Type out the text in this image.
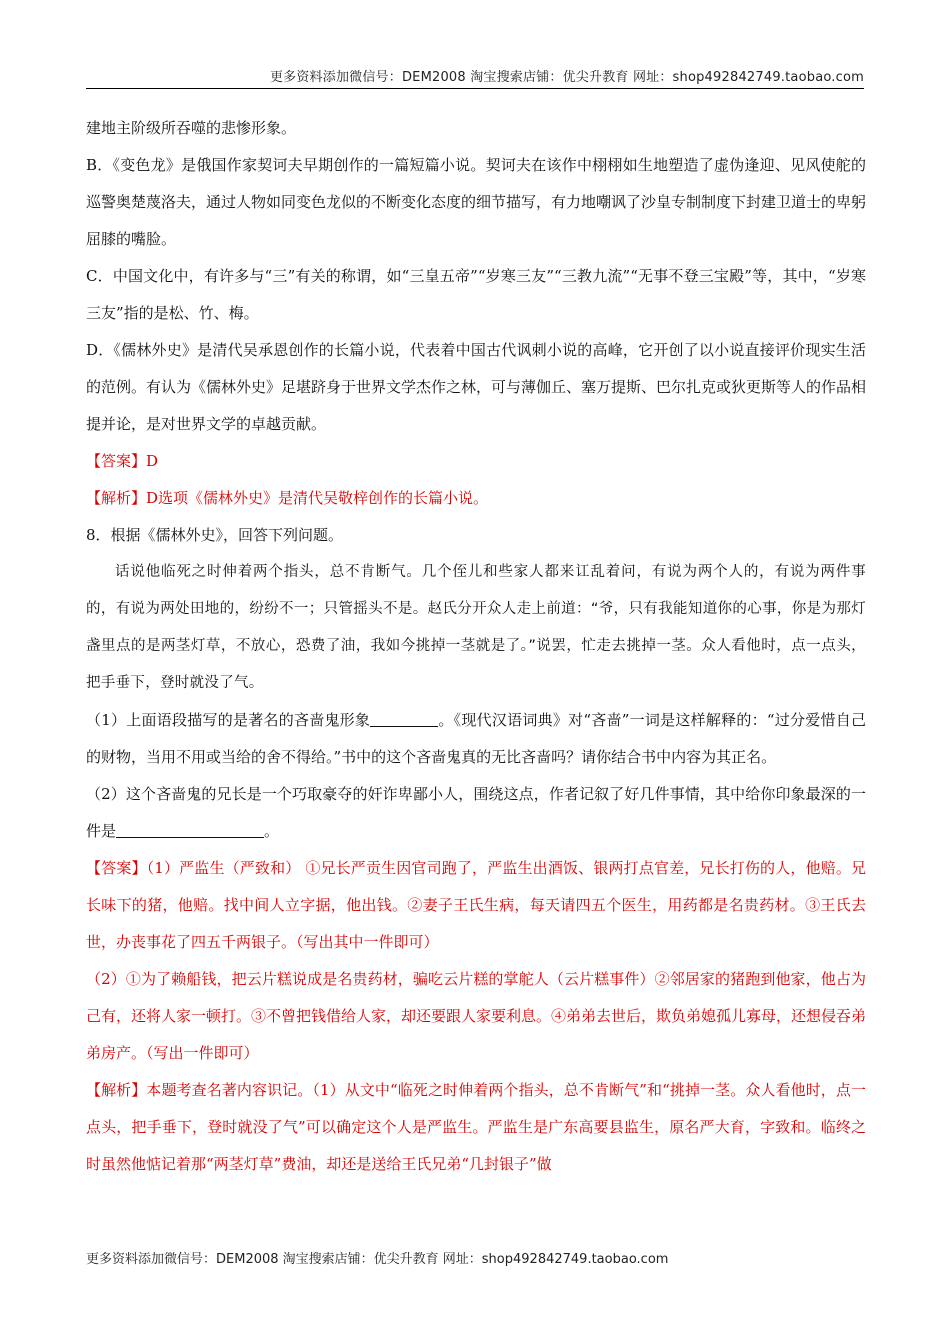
更多资料添加微信号：DEM2008 淘宝搜索店铺：优尖升教育 网址：shop492842749.taobao.com

建地主阶级所吞噬的悲惨形象。

B．《变色龙》是俄国作家契诃夫早期创作的一篇短篇小说。契诃夫在该作中栩栩如生地塑造了虚伪逢迎、见风使舵的巡警奥楚蔑洛夫，通过人物如同变色龙似的不断变化态度的细节描写，有力地嘲讽了沙皇专制制度下封建卫道士的卑躬屈膝的嘴脸。

C．中国文化中，有许多与“三”有关的称谓，如“三皇五帝”“岁寒三友”“三教九流”“无事不登三宝殿”等，其中，“岁寒三友”指的是松、竹、梅。

D．《儒林外史》是清代吴承恩创作的长篇小说，代表着中国古代讽刺小说的高峰，它开创了以小说直接评价现实生活的范例。有认为《儒林外史》足堪跻身于世界文学杰作之林，可与薄伽丘、塞万提斯、巴尔扎克或狄更斯等人的作品相提并论，是对世界文学的卓越贡献。

【答案】D

【解析】D选项《儒林外史》是清代吴敬梓创作的长篇小说。

8．根据《儒林外史》，回答下列问题。

话说他临死之时伸着两个指头，总不肯断气。几个侄儿和些家人都来讧乱着问，有说为两个人的，有说为两件事的，有说为两处田地的，纷纷不一；只管摇头不是。赵氏分开众人走上前道：“爷，只有我能知道你的心事，你是为那灯盏里点的是两茎灯草，不放心，恐费了油，我如今挑掉一茎就是了。”说罢，忙走去挑掉一茎。众人看他时，点一点头，把手垂下，登时就没了气。

（1）上面语段描写的是著名的吝啬鬼形象	。《现代汉语词典》对“吝啬”一词是这样解释的：“过分爱惜自己的财物，当用不用或当给的舍不得给。”书中的这个吝啬鬼真的无比吝啬吗？请你结合书中内容为其正名。

（2）这个吝啬鬼的兄长是一个巧取豪夺的奸诈卑鄙小人，围绕这点，作者记叙了好几件事情，其中给你印象最深的一件是	。

【答案】（1）严监生（严致和） ①兄长严贡生因官司跑了，严监生出酒饭、银两打点官差，兄长打伤的人，他赔。兄长味下的猪，他赔。找中间人立字据，他出钱。②妻子王氏生病，每天请四五个医生，用药都是名贵药材。③王氏去世，办丧事花了四五千两银子。（写出其中一件即可）

（2）①为了赖船钱，把云片糕说成是名贵药材，骗吃云片糕的掌舵人（云片糕事件）②邻居家的猪跑到他家，他占为己有，还将人家一顿打。③不曾把钱借给人家，却还要跟人家要利息。④弟弟去世后，欺负弟媳孤儿寡母，还想侵吞弟弟房产。（写出一件即可）

【解析】本题考查名著内容识记。（1）从文中“临死之时伸着两个指头，总不肯断气”和“挑掉一茎。众人看他时，点一点头，把手垂下，登时就没了气”可以确定这个人是严监生。严监生是广东高要县监生，原名严大育，字致和。临终之时虽然他惦记着那“两茎灯草”费油，却还是送给王氏兄弟“几封银子”做

更多资料添加微信号：DEM2008 淘宝搜索店铺：优尖升教育 网址：shop492842749.taobao.com
